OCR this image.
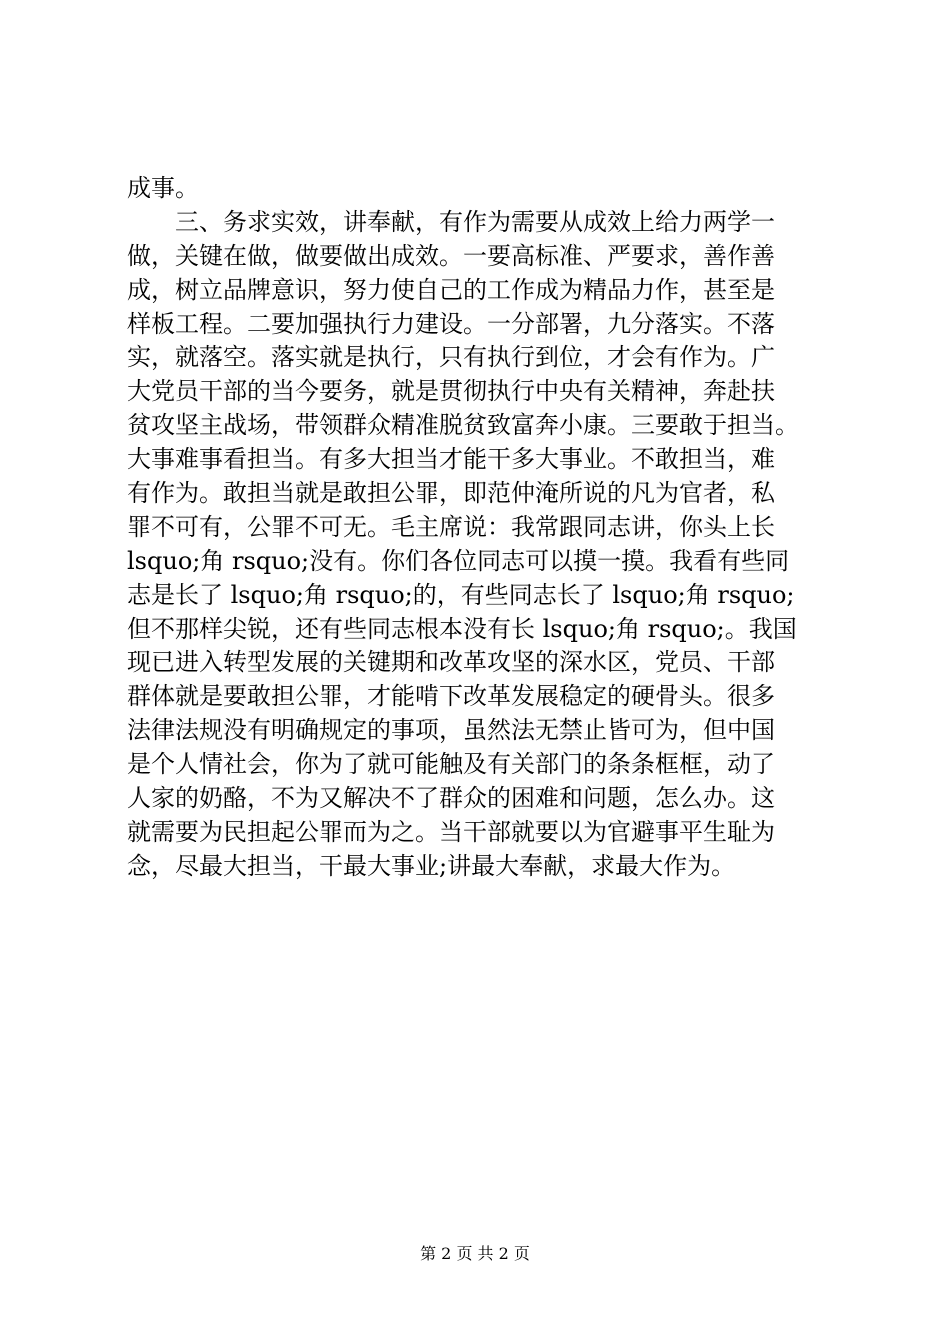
成事。
　　三、务求实效，讲奉献，有作为需要从成效上给力两学一
做，关键在做，做要做出成效。一要高标准、严要求，善作善
成，树立品牌意识，努力使自己的工作成为精品力作，甚至是
样板工程。二要加强执行力建设。一分部署，九分落实。不落
实，就落空。落实就是执行，只有执行到位，才会有作为。广
大党员干部的当今要务，就是贯彻执行中央有关精神，奔赴扶
贫攻坚主战场，带领群众精准脱贫致富奔小康。三要敢于担当。
大事难事看担当。有多大担当才能干多大事业。不敢担当，难
有作为。敢担当就是敢担公罪，即范仲淹所说的凡为官者，私
罪不可有，公罪不可无。毛主席说：我常跟同志讲，你头上长
lsquo;角 rsquo;没有。你们各位同志可以摸一摸。我看有些同
志是长了 lsquo;角 rsquo;的，有些同志长了 lsquo;角 rsquo;
但不那样尖锐，还有些同志根本没有长 lsquo;角 rsquo;。我国
现已进入转型发展的关键期和改革攻坚的深水区，党员、干部
群体就是要敢担公罪，才能啃下改革发展稳定的硬骨头。很多
法律法规没有明确规定的事项，虽然法无禁止皆可为，但中国
是个人情社会，你为了就可能触及有关部门的条条框框，动了
人家的奶酪，不为又解决不了群众的困难和问题，怎么办。这
就需要为民担起公罪而为之。当干部就要以为官避事平生耻为
念，尽最大担当，干最大事业;讲最大奉献，求最大作为。
第 2 页 共 2 页
